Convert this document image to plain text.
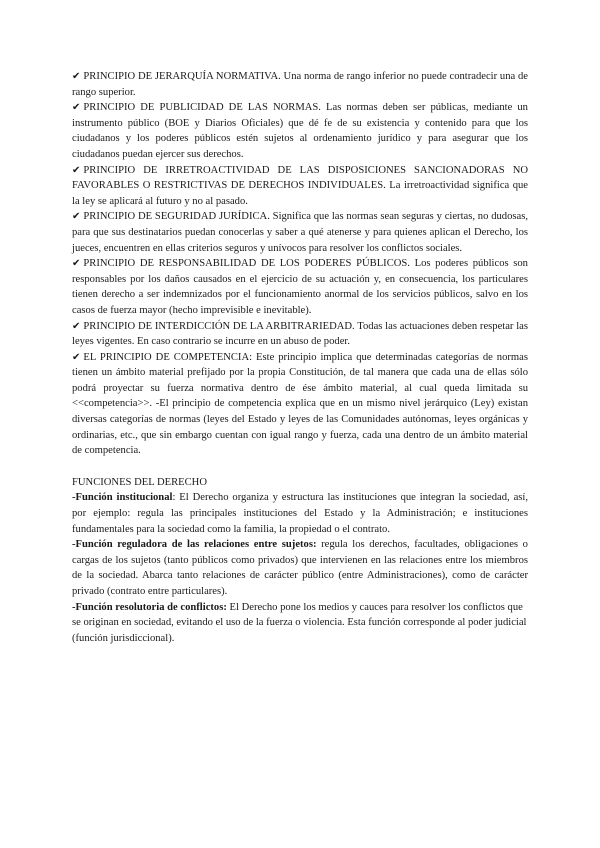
✔ PRINCIPIO DE JERARQUÍA NORMATIVA. Una norma de rango inferior no puede contradecir una de rango superior.

✔ PRINCIPIO DE PUBLICIDAD DE LAS NORMAS. Las normas deben ser públicas, mediante un instrumento público (BOE y Diarios Oficiales) que dé fe de su existencia y contenido para que los ciudadanos y los poderes públicos estén sujetos al ordenamiento jurídico y para asegurar que los ciudadanos puedan ejercer sus derechos.

✔ PRINCIPIO DE IRRETROACTIVIDAD DE LAS DISPOSICIONES SANCIONADORAS NO FAVORABLES O RESTRICTIVAS DE DERECHOS INDIVIDUALES. La irretroactividad significa que la ley se aplicará al futuro y no al pasado.

✔ PRINCIPIO DE SEGURIDAD JURÍDICA. Significa que las normas sean seguras y ciertas, no dudosas, para que sus destinatarios puedan conocerlas y saber a qué atenerse y para quienes aplican el Derecho, los jueces, encuentren en ellas criterios seguros y unívocos para resolver los conflictos sociales.

✔ PRINCIPIO DE RESPONSABILIDAD DE LOS PODERES PÚBLICOS. Los poderes públicos son responsables por los daños causados en el ejercicio de su actuación y, en consecuencia, los particulares tienen derecho a ser indemnizados por el funcionamiento anormal de los servicios públicos, salvo en los casos de fuerza mayor (hecho imprevisible e inevitable).

✔ PRINCIPIO DE INTERDICCIÓN DE LA ARBITRARIEDAD. Todas las actuaciones deben respetar las leyes vigentes. En caso contrario se incurre en un abuso de poder.

✔ EL PRINCIPIO DE COMPETENCIA: Este principio implica que determinadas categorías de normas tienen un ámbito material prefijado por la propia Constitución, de tal manera que cada una de ellas sólo podrá proyectar su fuerza normativa dentro de ése ámbito material, al cual queda limitada su <<competencia>>. -El principio de competencia explica que en un mismo nivel jerárquico (Ley) existan diversas categorías de normas (leyes del Estado y leyes de las Comunidades autónomas, leyes orgánicas y ordinarias, etc., que sin embargo cuentan con igual rango y fuerza, cada una dentro de un ámbito material de competencia.

FUNCIONES DEL DERECHO

-Función institucional: El Derecho organiza y estructura las instituciones que integran la sociedad, así, por ejemplo: regula las principales instituciones del Estado y la Administración; e instituciones fundamentales para la sociedad como la familia, la propiedad o el contrato.

-Función reguladora de las relaciones entre sujetos: regula los derechos, facultades, obligaciones o cargas de los sujetos (tanto públicos como privados) que intervienen en las relaciones entre los miembros de la sociedad. Abarca tanto relaciones de carácter público (entre Administraciones), como de carácter privado (contrato entre particulares).

-Función resolutoria de conflictos: El Derecho pone los medios y cauces para resolver los conflictos que se originan en sociedad, evitando el uso de la fuerza o violencia. Esta función corresponde al poder judicial (función jurisdiccional).
